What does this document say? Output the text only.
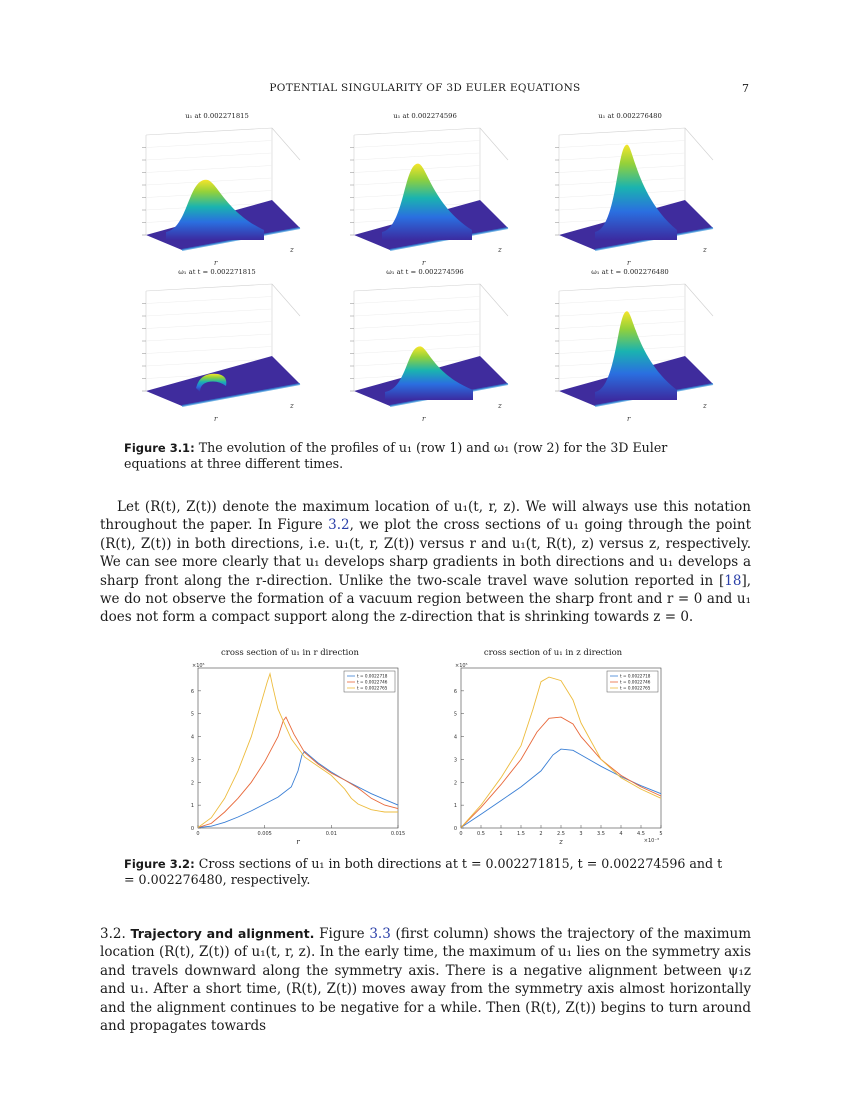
POTENTIAL SINGULARITY OF 3D EULER EQUATIONS	7
u₁ at 0.002271815
r
z
u₁ at 0.002274596
r
z
u₁ at 0.002276480
r
z
ω₁ at t = 0.002271815
r
z
ω₁ at t = 0.002274596
r
z
ω₁ at t = 0.002276480
r
z
Figure 3.1: The evolution of the profiles of u₁ (row 1) and ω₁ (row 2) for the 3D Euler equations at three different times.
Let (R(t), Z(t)) denote the maximum location of u₁(t, r, z). We will always use this notation throughout the paper. In Figure 3.2, we plot the cross sections of u₁ going through the point (R(t), Z(t)) in both directions, i.e. u₁(t, r, Z(t)) versus r and u₁(t, R(t), z) versus z, respectively. We can see more clearly that u₁ develops sharp gradients in both directions and u₁ develops a sharp front along the r-direction. Unlike the two-scale travel wave solution reported in [18], we do not observe the formation of a vacuum region between the sharp front and r = 0 and u₁ does not form a compact support along the z-direction that is shrinking towards z = 0.
cross section of u₁ in r direction
0
1
2
3
4
5
6
0	0.005	0.01	0.015
×10⁵
r
t = 0.0022718
t = 0.0022746
t = 0.0022765
cross section of u₁ in z direction
0
1
2
3
4
5
6
0	0.5	1	1.5	2	2.5	3	3.5	4	4.5	5
×10⁵
×10⁻³
z
t = 0.0022718
t = 0.0022746
t = 0.0022765
Figure 3.2: Cross sections of u₁ in both directions at t = 0.002271815, t = 0.002274596 and t = 0.002276480, respectively.
3.2. Trajectory and alignment. Figure 3.3 (first column) shows the trajectory of the maximum location (R(t), Z(t)) of u₁(t, r, z). In the early time, the maximum of u₁ lies on the symmetry axis and travels downward along the symmetry axis. There is a negative alignment between ψ₁z and u₁. After a short time, (R(t), Z(t)) moves away from the symmetry axis almost horizontally and the alignment continues to be negative for a while. Then (R(t), Z(t)) begins to turn around and propagates towards
